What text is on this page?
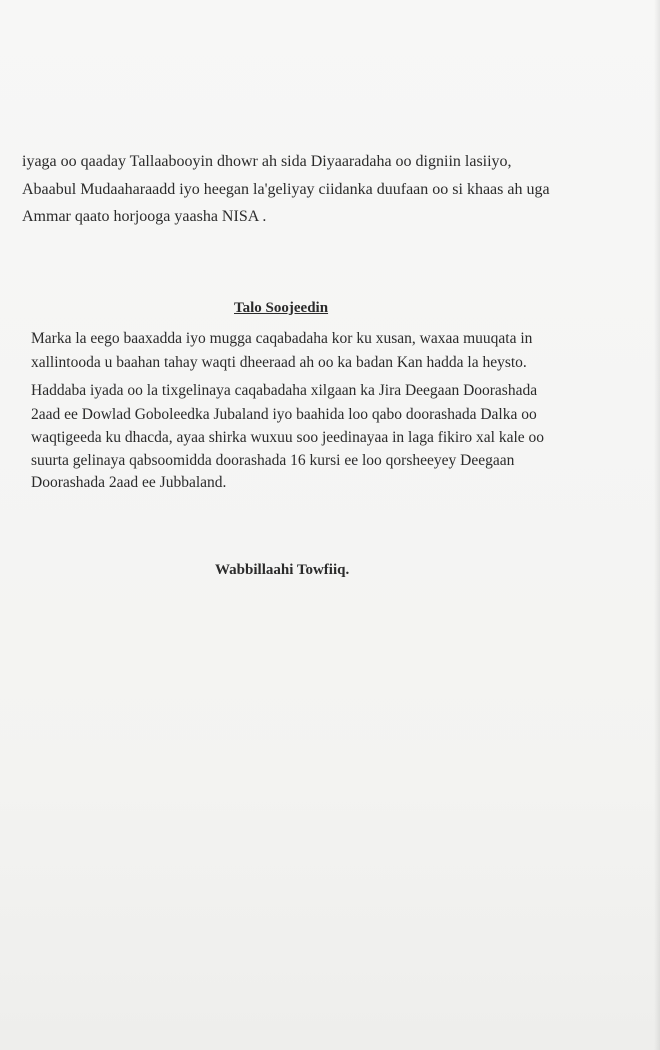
iyaga oo qaaday Tallaabooyin dhowr ah sida Diyaaradaha oo digniin lasiiyo,
Abaabul Mudaaharaadd iyo heegan la'geliyay ciidanka duufaan oo si khaas ah uga
Ammar qaato horjooga yaasha NISA .
Talo Soojeedin
Marka la eego baaxadda iyo mugga caqabadaha kor ku xusan, waxaa muuqata in
xallintooda u baahan tahay waqti dheeraad ah oo ka badan Kan hadda la heysto.
Haddaba iyada oo la tixgelinaya caqabadaha xilgaan ka Jira Deegaan Doorashada
2aad ee Dowlad Goboleedka Jubaland iyo baahida loo qabo doorashada Dalka oo
waqtigeeda ku dhacda, ayaa shirka wuxuu soo jeedinayaa in laga fikiro xal kale oo
suurta gelinaya qabsoomidda doorashada 16 kursi ee loo qorsheeyey Deegaan
Doorashada 2aad ee Jubbaland.
Wabbillaahi Towfiiq.
